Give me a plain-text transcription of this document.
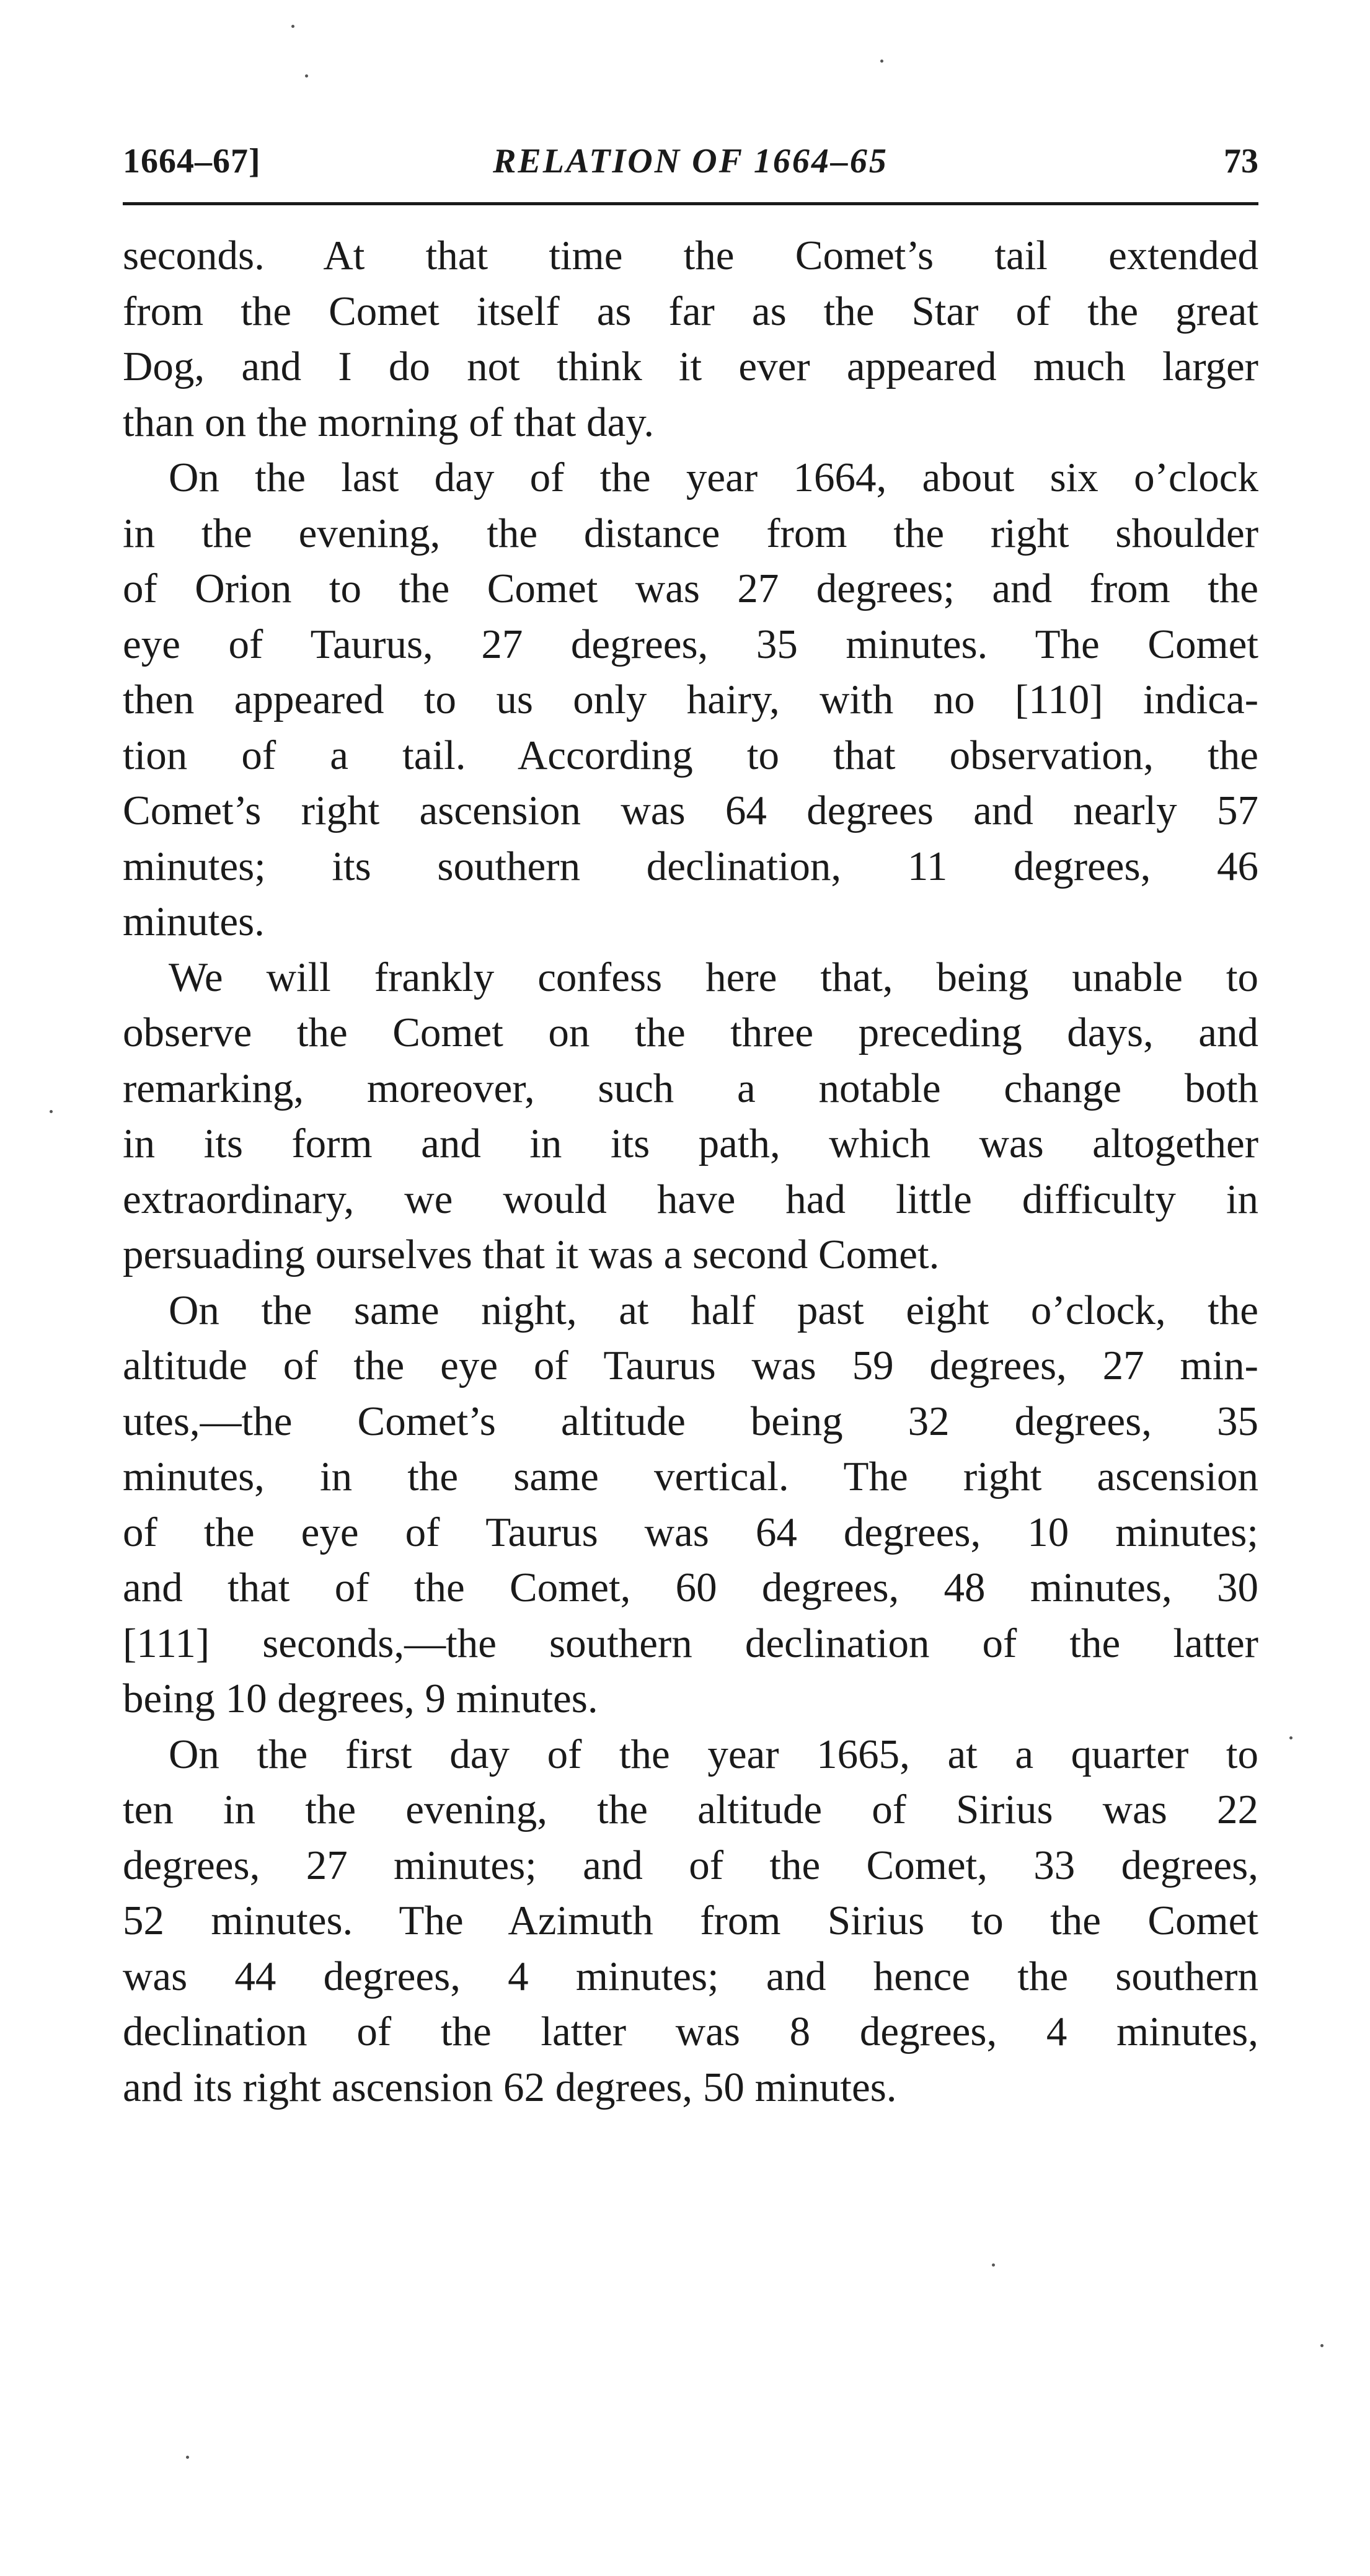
1664–67]	RELATION OF 1664–65	73

seconds. At that time the Comet’s tail extended
from the Comet itself as far as the Star of the great
Dog, and I do not think it ever appeared much larger
than on the morning of that day.

On the last day of the year 1664, about six o’clock
in the evening, the distance from the right shoulder
of Orion to the Comet was 27 degrees; and from the
eye of Taurus, 27 degrees, 35 minutes. The Comet
then appeared to us only hairy, with no [110] indica-
tion of a tail. According to that observation, the
Comet’s right ascension was 64 degrees and nearly 57
minutes; its southern declination, 11 degrees, 46
minutes.

We will frankly confess here that, being unable to
observe the Comet on the three preceding days, and
remarking, moreover, such a notable change both
in its form and in its path, which was altogether
extraordinary, we would have had little difficulty in
persuading ourselves that it was a second Comet.

On the same night, at half past eight o’clock, the
altitude of the eye of Taurus was 59 degrees, 27 min-
utes,—the Comet’s altitude being 32 degrees, 35
minutes, in the same vertical. The right ascension
of the eye of Taurus was 64 degrees, 10 minutes;
and that of the Comet, 60 degrees, 48 minutes, 30
[111] seconds,—the southern declination of the latter
being 10 degrees, 9 minutes.

On the first day of the year 1665, at a quarter to
ten in the evening, the altitude of Sirius was 22
degrees, 27 minutes; and of the Comet, 33 degrees,
52 minutes. The Azimuth from Sirius to the Comet
was 44 degrees, 4 minutes; and hence the southern
declination of the latter was 8 degrees, 4 minutes,
and its right ascension 62 degrees, 50 minutes.
